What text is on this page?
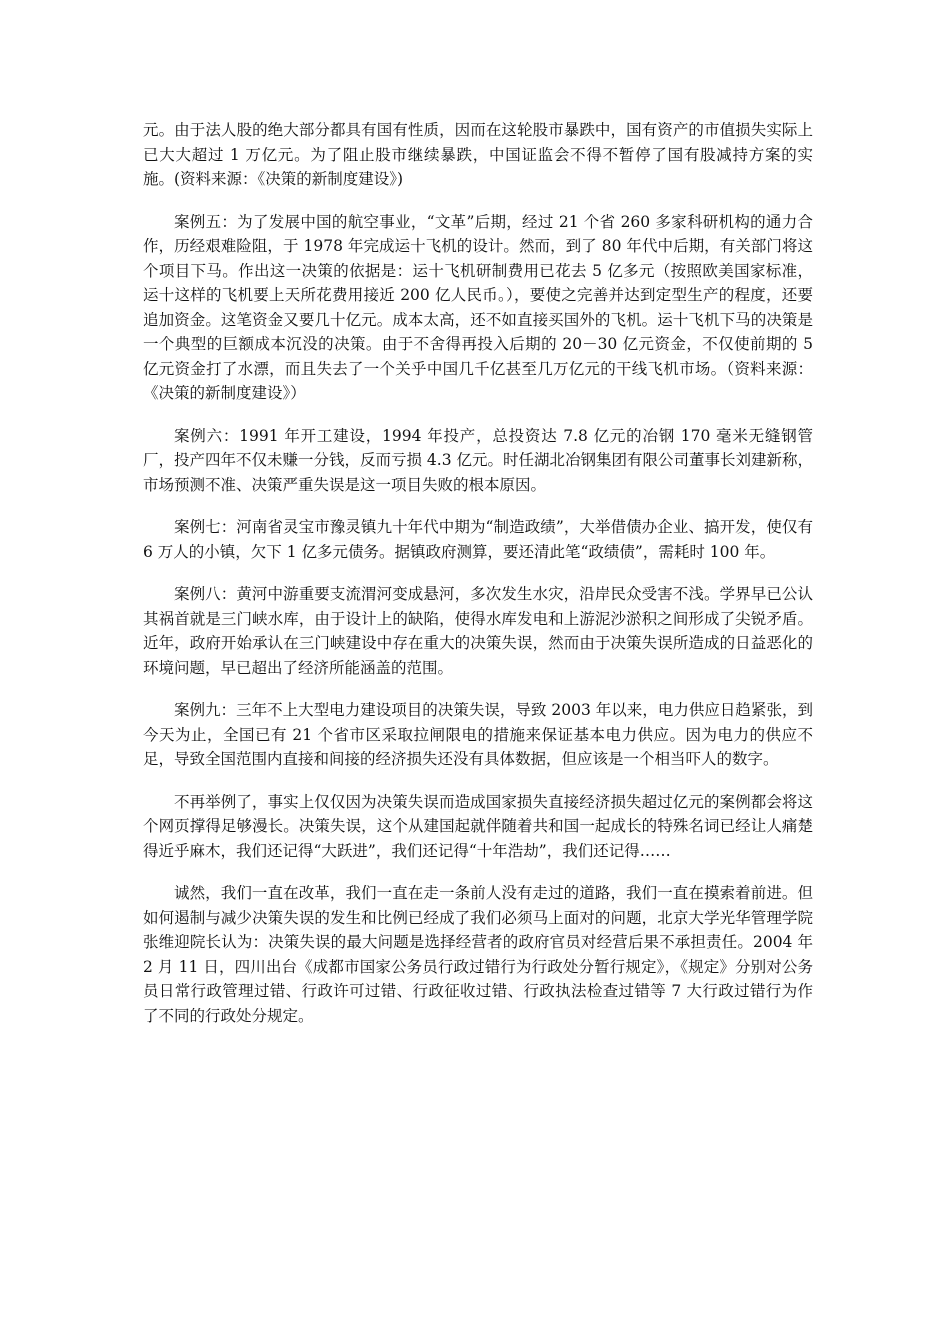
元。由于法人股的绝大部分都具有国有性质，因而在这轮股市暴跌中，国有资产的市值损失实际上已大大超过 1 万亿元。为了阻止股市继续暴跌，中国证监会不得不暂停了国有股减持方案的实施。(资料来源：《决策的新制度建设》)

案例五：为了发展中国的航空事业，“文革”后期，经过 21 个省 260 多家科研机构的通力合作，历经艰难险阻，于 1978 年完成运十飞机的设计。然而，到了 80 年代中后期，有关部门将这个项目下马。作出这一决策的依据是：运十飞机研制费用已花去 5 亿多元（按照欧美国家标准，运十这样的飞机要上天所花费用接近 200 亿人民币。），要使之完善并达到定型生产的程度，还要追加资金。这笔资金又要几十亿元。成本太高，还不如直接买国外的飞机。运十飞机下马的决策是一个典型的巨额成本沉没的决策。由于不舍得再投入后期的 20－30 亿元资金，不仅使前期的 5 亿元资金打了水漂，而且失去了一个关乎中国几千亿甚至几万亿元的干线飞机市场。（资料来源：《决策的新制度建设》）

案例六：1991 年开工建设，1994 年投产，总投资达 7.8 亿元的冶钢 170 毫米无缝钢管厂，投产四年不仅未赚一分钱，反而亏损 4.3 亿元。时任湖北冶钢集团有限公司董事长刘建新称，市场预测不准、决策严重失误是这一项目失败的根本原因。

案例七：河南省灵宝市豫灵镇九十年代中期为“制造政绩”，大举借债办企业、搞开发，使仅有 6 万人的小镇，欠下 1 亿多元债务。据镇政府测算，要还清此笔“政绩债”，需耗时 100 年。

案例八：黄河中游重要支流渭河变成悬河，多次发生水灾，沿岸民众受害不浅。学界早已公认其祸首就是三门峡水库，由于设计上的缺陷，使得水库发电和上游泥沙淤积之间形成了尖锐矛盾。近年，政府开始承认在三门峡建设中存在重大的决策失误，然而由于决策失误所造成的日益恶化的环境问题，早已超出了经济所能涵盖的范围。

案例九：三年不上大型电力建设项目的决策失误，导致 2003 年以来，电力供应日趋紧张，到今天为止，全国已有 21 个省市区采取拉闸限电的措施来保证基本电力供应。因为电力的供应不足，导致全国范围内直接和间接的经济损失还没有具体数据，但应该是一个相当吓人的数字。

不再举例了，事实上仅仅因为决策失误而造成国家损失直接经济损失超过亿元的案例都会将这个网页撑得足够漫长。决策失误，这个从建国起就伴随着共和国一起成长的特殊名词已经让人痛楚得近乎麻木，我们还记得“大跃进”，我们还记得“十年浩劫”，我们还记得……

诚然，我们一直在改革，我们一直在走一条前人没有走过的道路，我们一直在摸索着前进。但如何遏制与减少决策失误的发生和比例已经成了我们必须马上面对的问题，北京大学光华管理学院张维迎院长认为：决策失误的最大问题是选择经营者的政府官员对经营后果不承担责任。2004 年 2 月 11 日，四川出台《成都市国家公务员行政过错行为行政处分暂行规定》，《规定》分别对公务员日常行政管理过错、行政许可过错、行政征收过错、行政执法检查过错等 7 大行政过错行为作了不同的行政处分规定。
